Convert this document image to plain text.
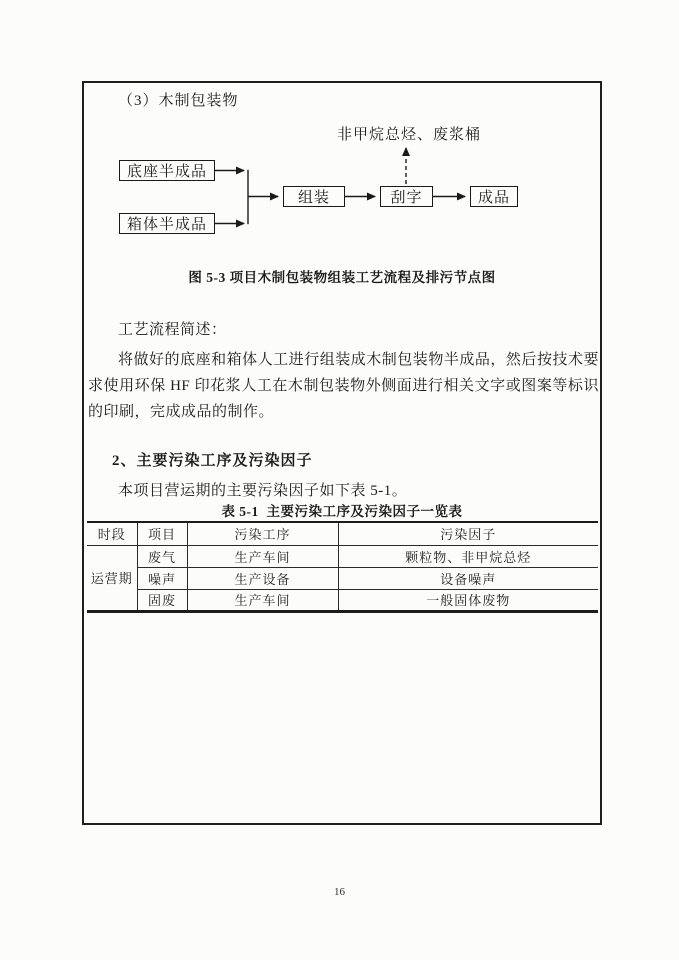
（3）木制包装物
非甲烷总烃、废浆桶
底座半成品
箱体半成品
组装	刮字	成品
图 5-3 项目木制包装物组装工艺流程及排污节点图
工艺流程简述：
将做好的底座和箱体人工进行组装成木制包装物半成品，然后按技术要求使用环保 HF 印花浆人工在木制包装物外侧面进行相关文字或图案等标识的印刷，完成成品的制作。
2、主要污染工序及污染因子
本项目营运期的主要污染因子如下表 5-1。
表 5-1  主要污染工序及污染因子一览表
时段	项目	污染工序	污染因子
运营期	废气	生产车间	颗粒物、非甲烷总烃
	噪声	生产设备	设备噪声
	固废	生产车间	一般固体废物
16
